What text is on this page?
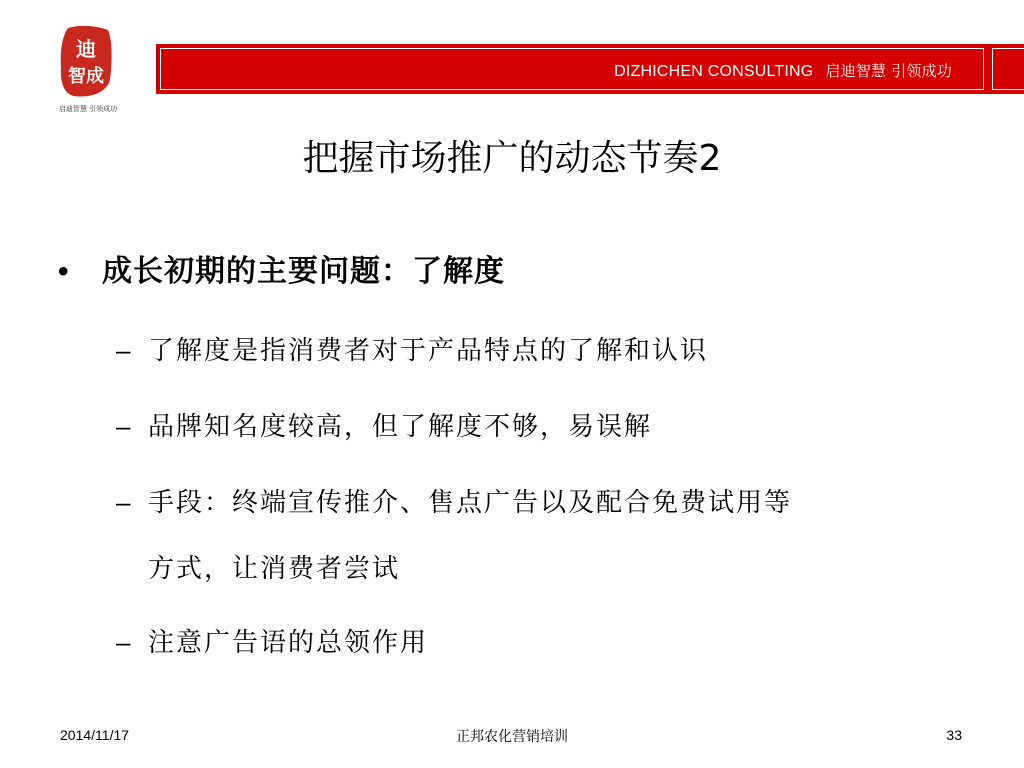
迪
智成
启迪智慧 引领成功
DIZHICHEN CONSULTING 启迪智慧 引领成功
把握市场推广的动态节奏2
• 成长初期的主要问题：了解度
– 了解度是指消费者对于产品特点的了解和认识
– 品牌知名度较高，但了解度不够，易误解
– 手段：终端宣传推介、售点广告以及配合免费试用等
方式，让消费者尝试
– 注意广告语的总领作用
2014/11/17	正邦农化营销培训	33
